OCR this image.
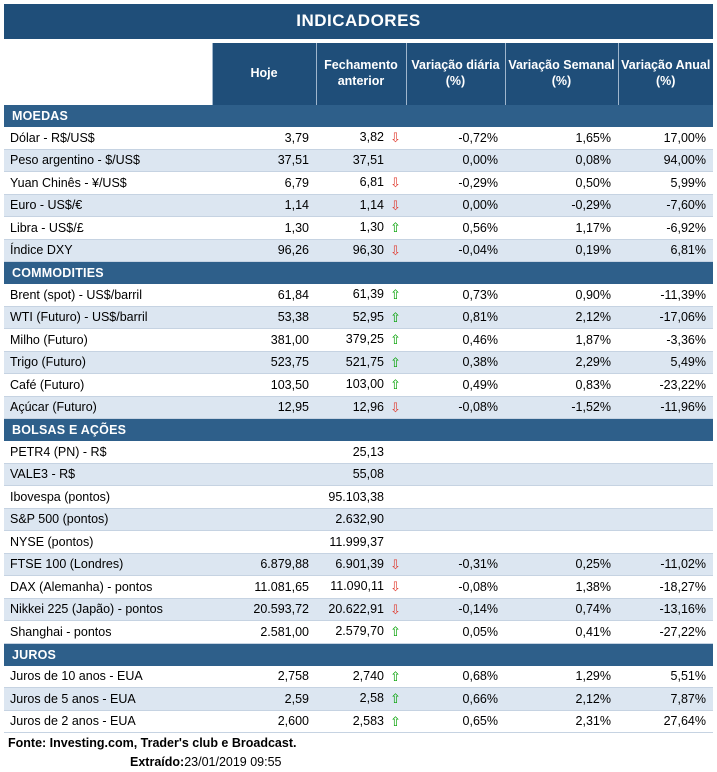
INDICADORES
	Hoje	Fechamento anterior	Variação diária (%)	Variação Semanal (%)	Variação Anual (%)
MOEDAS					
Dólar - R$/US$	3,79	3,82 ⇩	-0,72%	1,65%	17,00%
Peso argentino - $/US$	37,51	37,51	0,00%	0,08%	94,00%
Yuan Chinês - ¥/US$	6,79	6,81 ⇩	-0,29%	0,50%	5,99%
Euro - US$/€	1,14	1,14 ⇩	0,00%	-0,29%	-7,60%
Libra - US$/£	1,30	1,30 ⇧	0,56%	1,17%	-6,92%
Índice DXY	96,26	96,30 ⇩	-0,04%	0,19%	6,81%
COMMODITIES					
Brent (spot) - US$/barril	61,84	61,39 ⇧	0,73%	0,90%	-11,39%
WTI (Futuro) - US$/barril	53,38	52,95 ⇧	0,81%	2,12%	-17,06%
Milho (Futuro)	381,00	379,25 ⇧	0,46%	1,87%	-3,36%
Trigo (Futuro)	523,75	521,75 ⇧	0,38%	2,29%	5,49%
Café (Futuro)	103,50	103,00 ⇧	0,49%	0,83%	-23,22%
Açúcar (Futuro)	12,95	12,96 ⇩	-0,08%	-1,52%	-11,96%
BOLSAS E AÇÕES					
PETR4 (PN) - R$		25,13			
VALE3 - R$		55,08			
Ibovespa (pontos)		95.103,38			
S&P 500 (pontos)		2.632,90			
NYSE (pontos)		11.999,37			
FTSE 100 (Londres)	6.879,88	6.901,39 ⇩	-0,31%	0,25%	-11,02%
DAX (Alemanha) - pontos	11.081,65	11.090,11 ⇩	-0,08%	1,38%	-18,27%
Nikkei 225 (Japão) - pontos	20.593,72	20.622,91 ⇩	-0,14%	0,74%	-13,16%
Shanghai - pontos	2.581,00	2.579,70 ⇧	0,05%	0,41%	-27,22%
JUROS					
Juros de 10 anos - EUA	2,758	2,740 ⇧	0,68%	1,29%	5,51%
Juros de 5 anos - EUA	2,59	2,58 ⇧	0,66%	2,12%	7,87%
Juros de 2 anos - EUA	2,600	2,583 ⇧	0,65%	2,31%	27,64%
Fonte: Investing.com, Trader's club e Broadcast.
Extraído:23/01/2019 09:55
